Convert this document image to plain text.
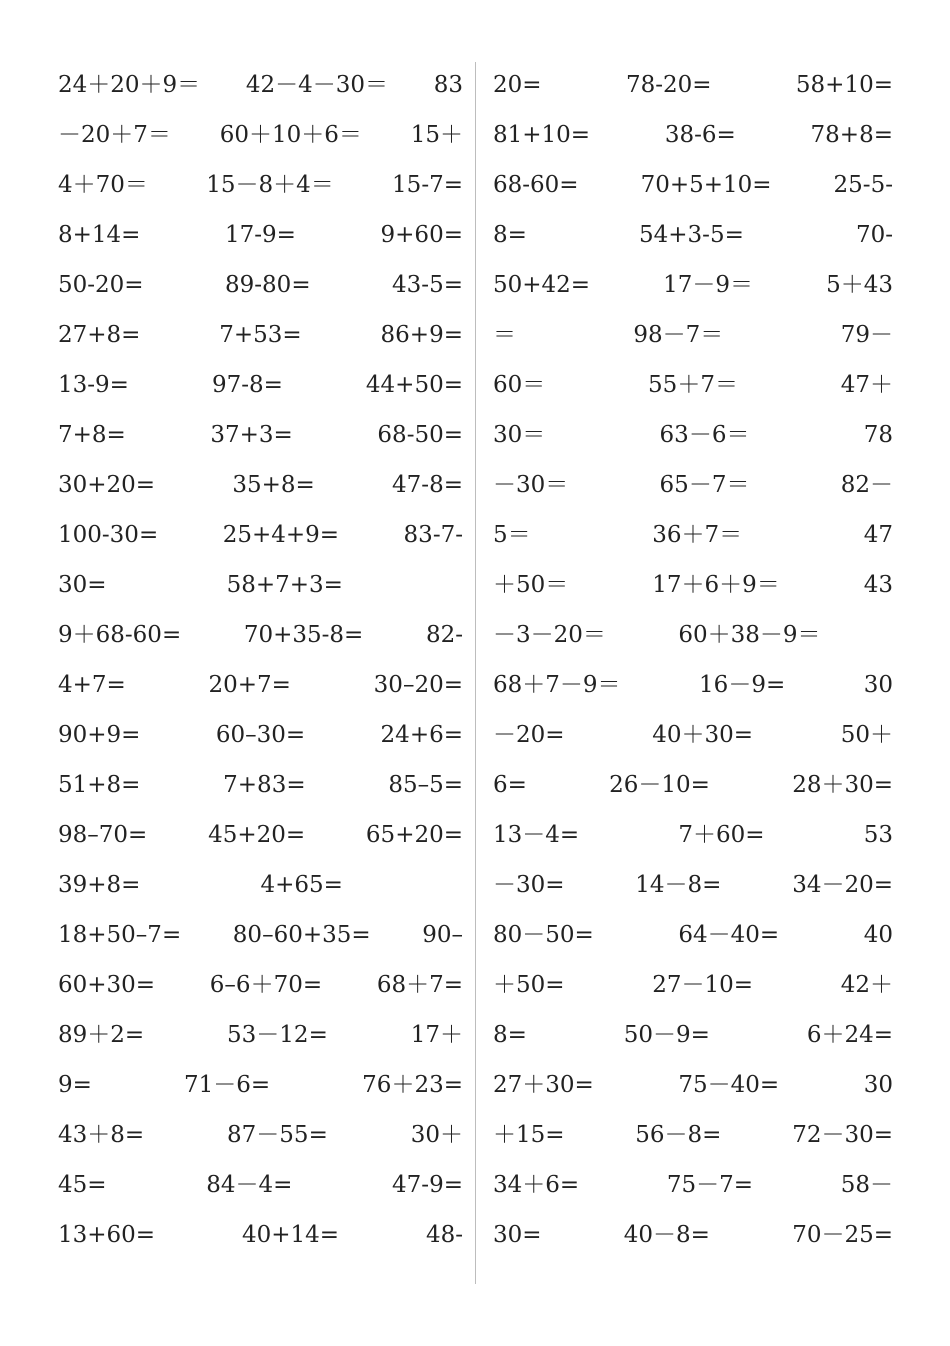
24＋20＋9＝ 42－4－30＝ 83
－20＋7＝ 60＋10＋6＝ 15＋
4＋70＝	15－8＋4＝	15-7=
8+14=	17-9=	9+60=
50-20=	89-80=	43-5=
27+8=	7+53=	86+9=
13-9=	97-8=	44+50=
7+8=	37+3=	68-50=
30+20=	35+8=	47-8=
100-30=	25+4+9=	83-7-
30=	58+7+3=
9＋68-60=	70+35-8=	82-
4+7=	20+7=	30–20=
90+9=	60–30=	24+6=
51+8=	7+83=	85–5=
98–70=	45+20=	65+20=
39+8=	4+65=
18+50–7= 80–60+35= 90–
60+30= 6–6＋70= 68＋7=
89＋2=	53－12=	17＋
9=	71－6=	76＋23=
43＋8=	87－55=	30＋
45=	84－4=	47-9=
13+60=	40+14=	48-
20=	78-20=	58+10=
81+10=	38-6=	78+8=
68-60=	70+5+10=	25-5-
8=	54+3-5=	70-
50+42=	17－9＝	5＋43
＝	98－7＝	79－
60＝	55＋7＝	47＋
30＝	63－6＝	78
－30＝	65－7＝	82－
5＝	36＋7＝	47
＋50＝	17＋6＋9＝	43
－3－20＝	60＋38－9＝
68＋7－9＝	16－9=	30
－20=	40＋30=	50＋
6=	26－10=	28＋30=
13－4=	7＋60=	53
－30=	14－8=	34－20=
80－50=	64－40=	40
＋50=	27－10=	42＋
8=	50－9=	6＋24=
27＋30=	75－40=	30
＋15=	56－8=	72－30=
34＋6=	75－7=	58－
30=	40－8=	70－25=
